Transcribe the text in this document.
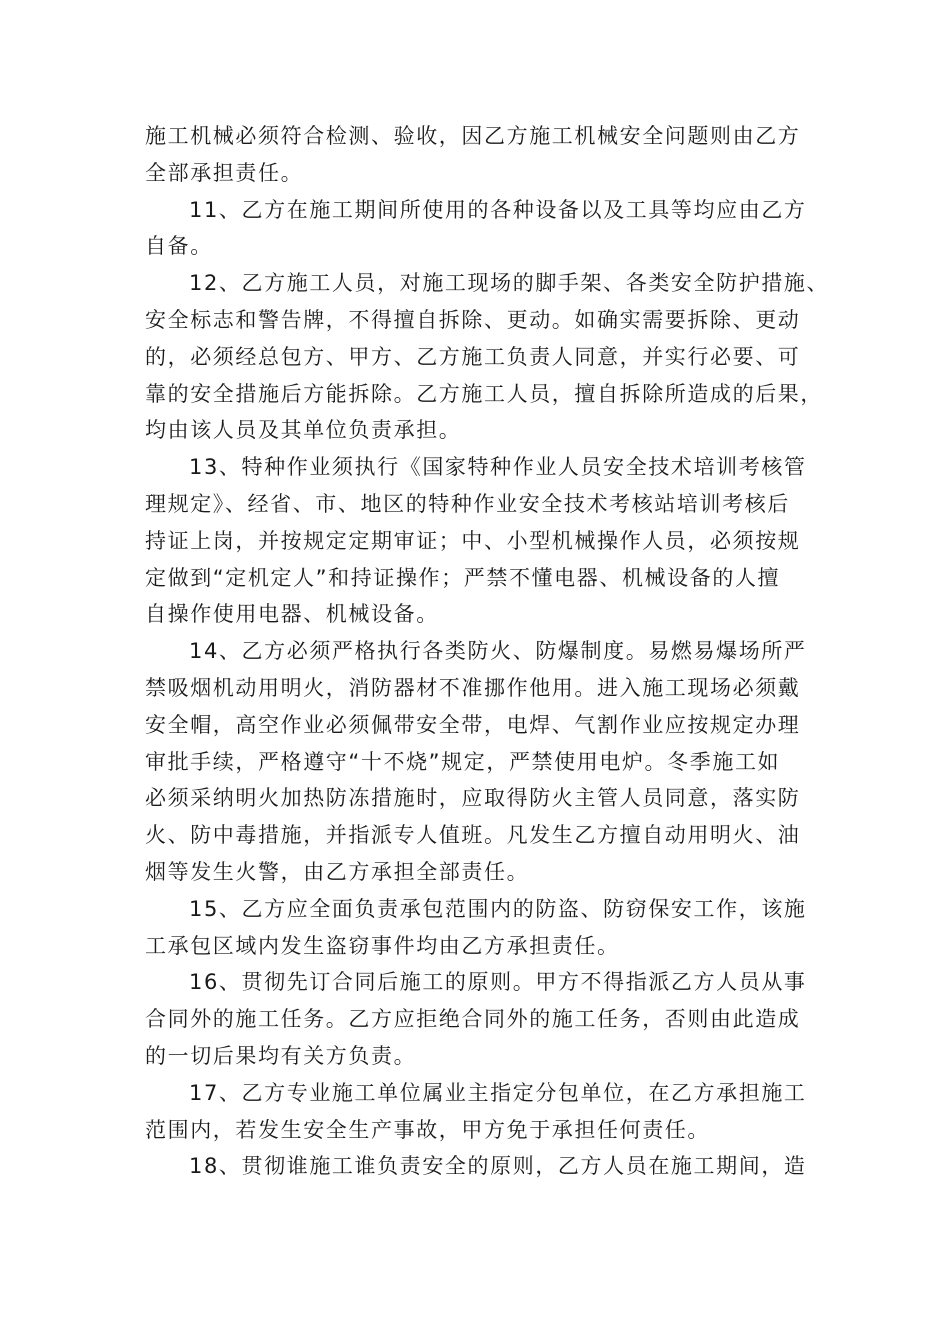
施工机械必须符合检测、验收，因乙方施工机械安全问题则由乙方
全部承担责任。
11、乙方在施工期间所使用的各种设备以及工具等均应由乙方
自备。
12、乙方施工人员，对施工现场的脚手架、各类安全防护措施、
安全标志和警告牌，不得擅自拆除、更动。如确实需要拆除、更动
的，必须经总包方、甲方、乙方施工负责人同意，并实行必要、可
靠的安全措施后方能拆除。乙方施工人员，擅自拆除所造成的后果，
均由该人员及其单位负责承担。
13、特种作业须执行《国家特种作业人员安全技术培训考核管
理规定》、经省、市、地区的特种作业安全技术考核站培训考核后
持证上岗，并按规定定期审证；中、小型机械操作人员，必须按规
定做到“定机定人”和持证操作；严禁不懂电器、机械设备的人擅
自操作使用电器、机械设备。
14、乙方必须严格执行各类防火、防爆制度。易燃易爆场所严
禁吸烟机动用明火，消防器材不准挪作他用。进入施工现场必须戴
安全帽，高空作业必须佩带安全带，电焊、气割作业应按规定办理
审批手续，严格遵守“十不烧”规定，严禁使用电炉。冬季施工如
必须采纳明火加热防冻措施时，应取得防火主管人员同意，落实防
火、防中毒措施，并指派专人值班。凡发生乙方擅自动用明火、油
烟等发生火警，由乙方承担全部责任。
15、乙方应全面负责承包范围内的防盗、防窃保安工作，该施
工承包区域内发生盗窃事件均由乙方承担责任。
16、贯彻先订合同后施工的原则。甲方不得指派乙方人员从事
合同外的施工任务。乙方应拒绝合同外的施工任务，否则由此造成
的一切后果均有关方负责。
17、乙方专业施工单位属业主指定分包单位，在乙方承担施工
范围内，若发生安全生产事故，甲方免于承担任何责任。
18、贯彻谁施工谁负责安全的原则，乙方人员在施工期间，造
